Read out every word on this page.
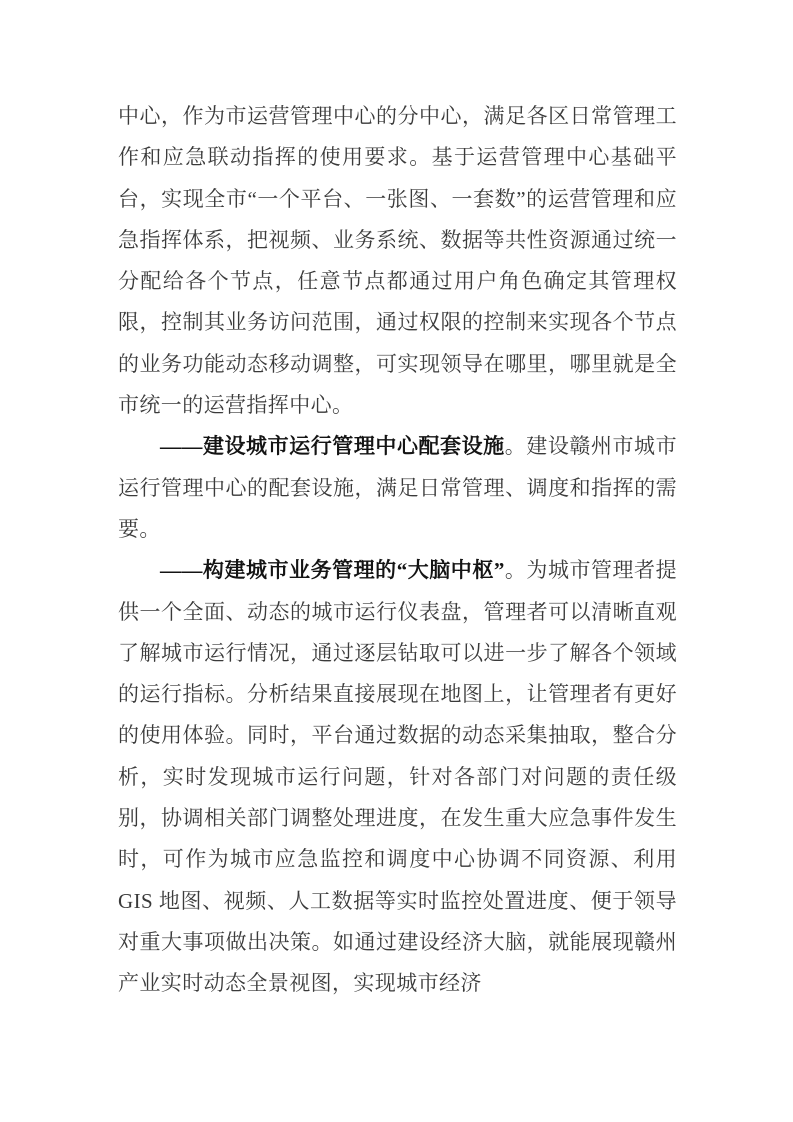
中心，作为市运营管理中心的分中心，满足各区日常管理工作和应急联动指挥的使用要求。基于运营管理中心基础平台，实现全市“一个平台、一张图、一套数”的运营管理和应急指挥体系，把视频、业务系统、数据等共性资源通过统一分配给各个节点，任意节点都通过用户角色确定其管理权限，控制其业务访问范围，通过权限的控制来实现各个节点的业务功能动态移动调整，可实现领导在哪里，哪里就是全市统一的运营指挥中心。

——建设城市运行管理中心配套设施。建设赣州市城市运行管理中心的配套设施，满足日常管理、调度和指挥的需要。

——构建城市业务管理的“大脑中枢”。为城市管理者提供一个全面、动态的城市运行仪表盘，管理者可以清晰直观了解城市运行情况，通过逐层钻取可以进一步了解各个领域的运行指标。分析结果直接展现在地图上，让管理者有更好的使用体验。同时，平台通过数据的动态采集抽取，整合分析，实时发现城市运行问题，针对各部门对问题的责任级别，协调相关部门调整处理进度，在发生重大应急事件发生时，可作为城市应急监控和调度中心协调不同资源、利用 GIS 地图、视频、人工数据等实时监控处置进度、便于领导对重大事项做出决策。如通过建设经济大脑，就能展现赣州产业实时动态全景视图，实现城市经济
